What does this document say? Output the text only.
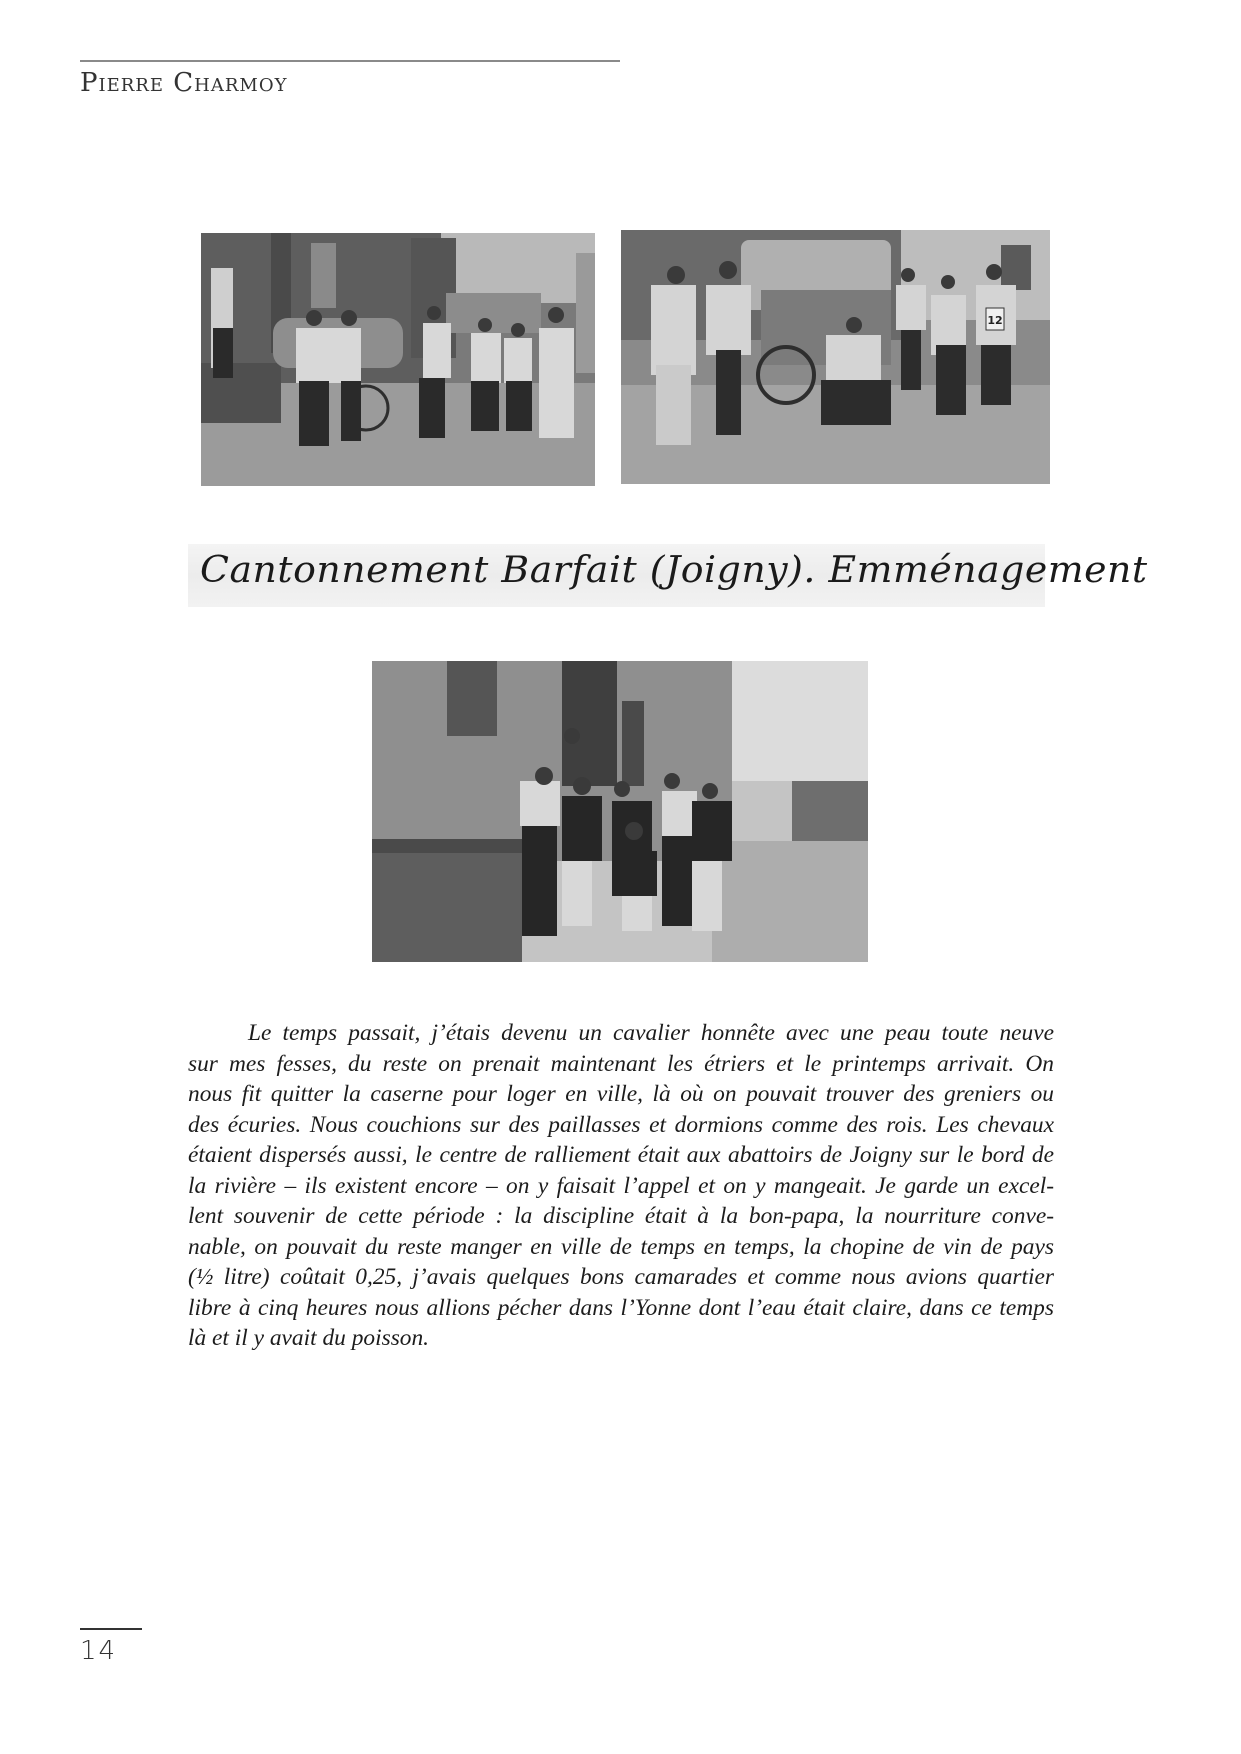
Pierre Charmoy
12
Cantonnement Barfait (Joigny). Emménagement
Le temps passait, j’étais devenu un cavalier honnête avec une peau toute neuve
sur mes fesses, du reste on prenait maintenant les étriers et le printemps arrivait. On
nous fit quitter la caserne pour loger en ville, là où on pouvait trouver des greniers ou
des écuries. Nous couchions sur des paillasses et dormions comme des rois. Les chevaux
étaient dispersés aussi, le centre de ralliement était aux abattoirs de Joigny sur le bord de
la rivière – ils existent encore – on y faisait l’appel et on y mangeait. Je garde un excel-
lent souvenir de cette période : la discipline était à la bon-papa, la nourriture conve-
nable, on pouvait du reste manger en ville de temps en temps, la chopine de vin de pays
(½ litre) coûtait 0,25, j’avais quelques bons camarades et comme nous avions quartier
libre à cinq heures nous allions pécher dans l’Yonne dont l’eau était claire, dans ce temps
là et il y avait du poisson.
14
